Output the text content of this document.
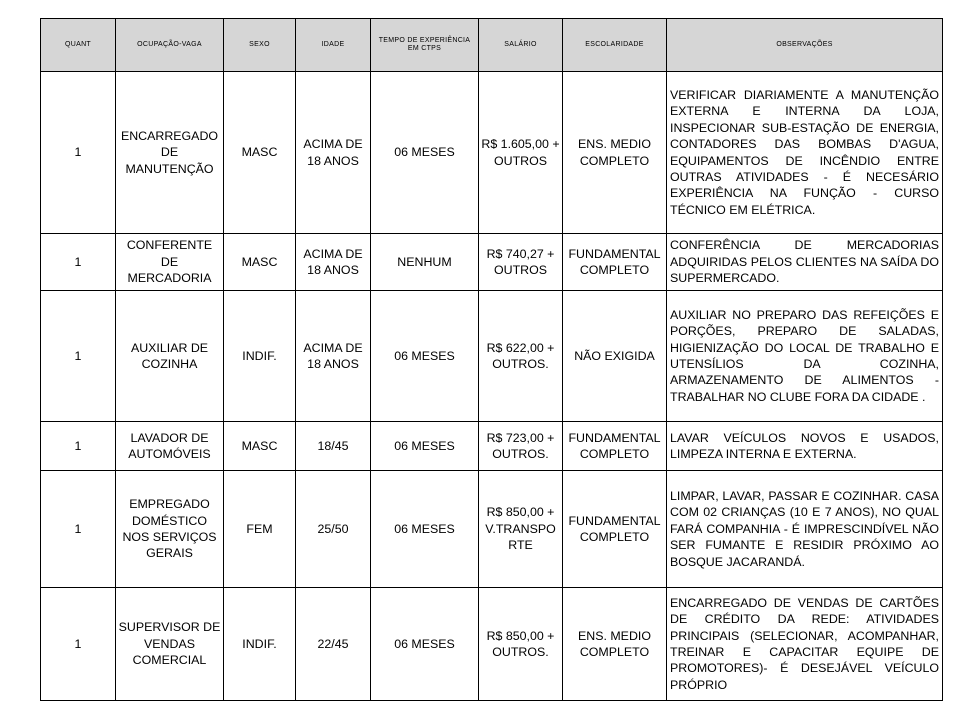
QUANT	OCUPAÇÃO-VAGA	SEXO	IDADE	TEMPO DE EXPERIÊNCIA EM CTPS	SALÁRIO	ESCOLARIDADE	OBSERVAÇÕES
1	ENCARREGADO DE MANUTENÇÃO	MASC	ACIMA DE 18 ANOS	06 MESES	R$ 1.605,00 + OUTROS	ENS. MEDIO COMPLETO	VERIFICAR DIARIAMENTE A MANUTENÇÃO EXTERNA E INTERNA DA LOJA, INSPECIONAR SUB-ESTAÇÃO DE ENERGIA, CONTADORES DAS BOMBAS D'AGUA, EQUIPAMENTOS DE INCÊNDIO ENTRE OUTRAS ATIVIDADES - É NECESÁRIO EXPERIÊNCIA NA FUNÇÃO - CURSO TÉCNICO EM ELÉTRICA.
1	CONFERENTE DE MERCADORIA	MASC	ACIMA DE 18 ANOS	NENHUM	R$ 740,27 + OUTROS	FUNDAMENTAL COMPLETO	CONFERÊNCIA DE MERCADORIAS ADQUIRIDAS PELOS CLIENTES NA SAÍDA DO SUPERMERCADO.
1	AUXILIAR DE COZINHA	INDIF.	ACIMA DE 18 ANOS	06 MESES	R$ 622,00 + OUTROS.	NÃO EXIGIDA	AUXILIAR NO PREPARO DAS REFEIÇÕES E PORÇÕES, PREPARO DE SALADAS, HIGIENIZAÇÃO DO LOCAL DE TRABALHO E UTENSÍLIOS DA COZINHA, ARMAZENAMENTO DE ALIMENTOS - TRABALHAR NO CLUBE FORA DA CIDADE .
1	LAVADOR DE AUTOMÓVEIS	MASC	18/45	06 MESES	R$ 723,00 + OUTROS.	FUNDAMENTAL COMPLETO	LAVAR VEÍCULOS NOVOS E USADOS, LIMPEZA INTERNA E EXTERNA.
1	EMPREGADO DOMÉSTICO NOS SERVIÇOS GERAIS	FEM	25/50	06 MESES	R$ 850,00 + V.TRANSPORTE	FUNDAMENTAL COMPLETO	LIMPAR, LAVAR, PASSAR E COZINHAR. CASA COM 02 CRIANÇAS (10 E 7 ANOS), NO QUAL FARÁ COMPANHIA - É IMPRESCINDÍVEL NÃO SER FUMANTE E RESIDIR PRÓXIMO AO BOSQUE JACARANDÁ.
1	SUPERVISOR DE VENDAS COMERCIAL	INDIF.	22/45	06 MESES	R$ 850,00 + OUTROS.	ENS. MEDIO COMPLETO	ENCARREGADO DE VENDAS DE CARTÕES DE CRÉDITO DA REDE: ATIVIDADES PRINCIPAIS (SELECIONAR, ACOMPANHAR, TREINAR E CAPACITAR EQUIPE DE PROMOTORES)- É DESEJÁVEL VEÍCULO PRÓPRIO
